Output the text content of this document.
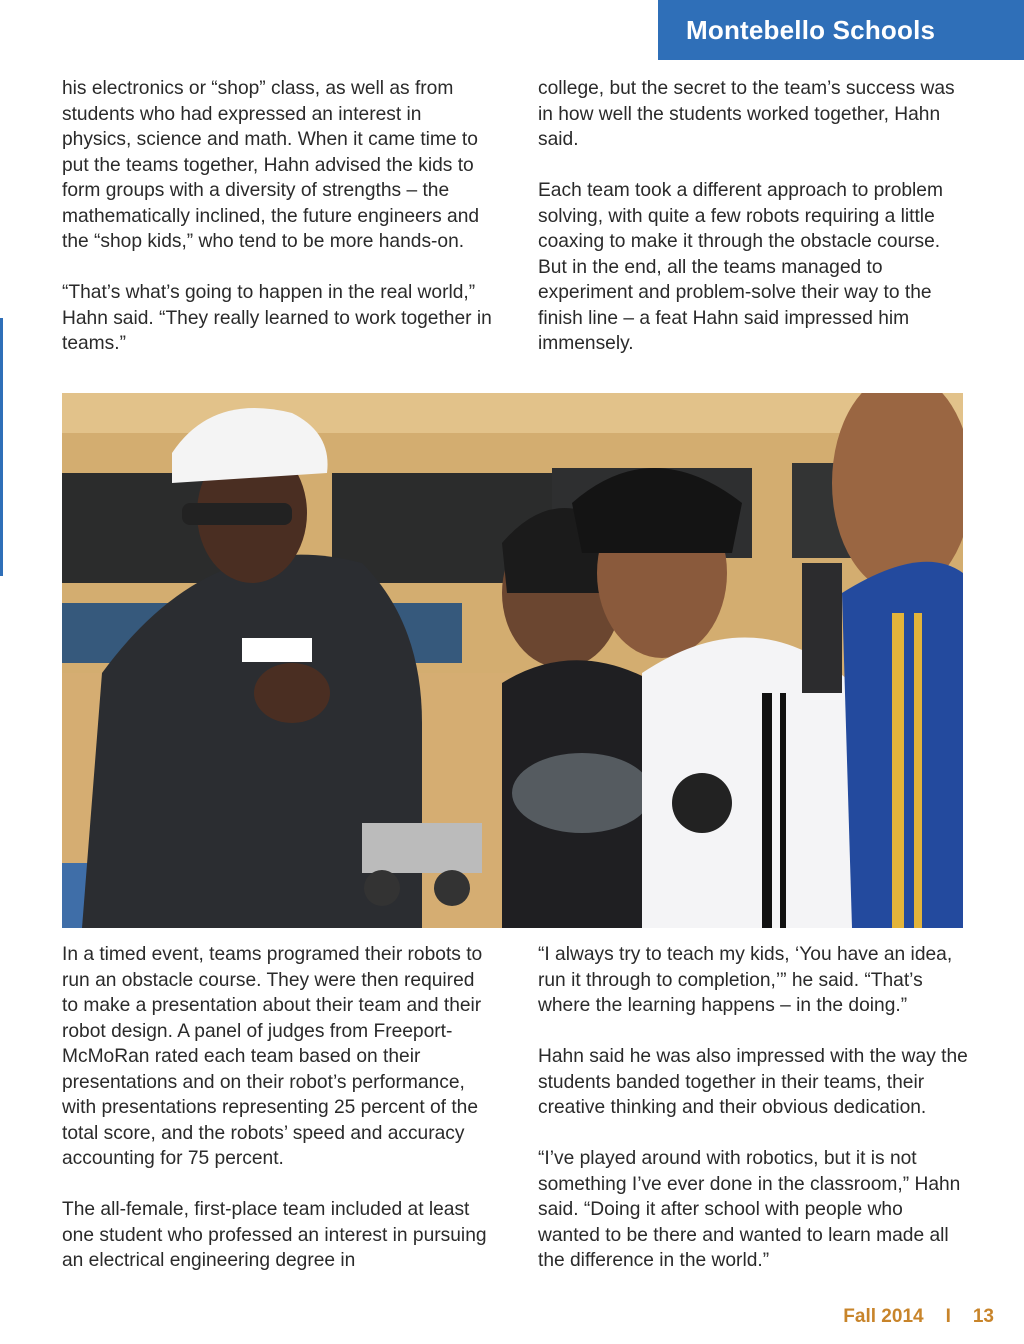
Montebello Schools

his electronics or “shop” class, as well as from students who had expressed an interest in physics, science and math. When it came time to put the teams together, Hahn advised the kids to form groups with a diversity of strengths – the mathematically inclined, the future engineers and the “shop kids,” who tend to be more hands-on.

“That’s what’s going to happen in the real world,” Hahn said. “They really learned to work together in teams.”

college, but the secret to the team’s success was in how well the students worked together, Hahn said.

Each team took a different approach to problem solving, with quite a few robots requiring a little coaxing to make it through the obstacle course. But in the end, all the teams managed to experiment and problem-solve their way to the finish line – a feat Hahn said impressed him immensely.

In a timed event, teams programed their robots to run an obstacle course. They were then required to make a presentation about their team and their robot design. A panel of judges from Freeport-McMoRan rated each team based on their presentations and on their robot’s performance, with presentations representing 25 percent of the total score, and the robots’ speed and accuracy accounting for 75 percent.

The all-female, first-place team included at least one student who professed an interest in pursuing an electrical engineering degree in

“I always try to teach my kids, ‘You have an idea, run it through to completion,’” he said. “That’s where the learning happens – in the doing.”

Hahn said he was also impressed with the way the students banded together in their teams, their creative thinking and their obvious dedication.

“I’ve played around with robotics, but it is not something I’ve ever done in the classroom,” Hahn said. “Doing it after school with people who wanted to be there and wanted to learn made all the difference in the world.”

Fall 2014 I 13
